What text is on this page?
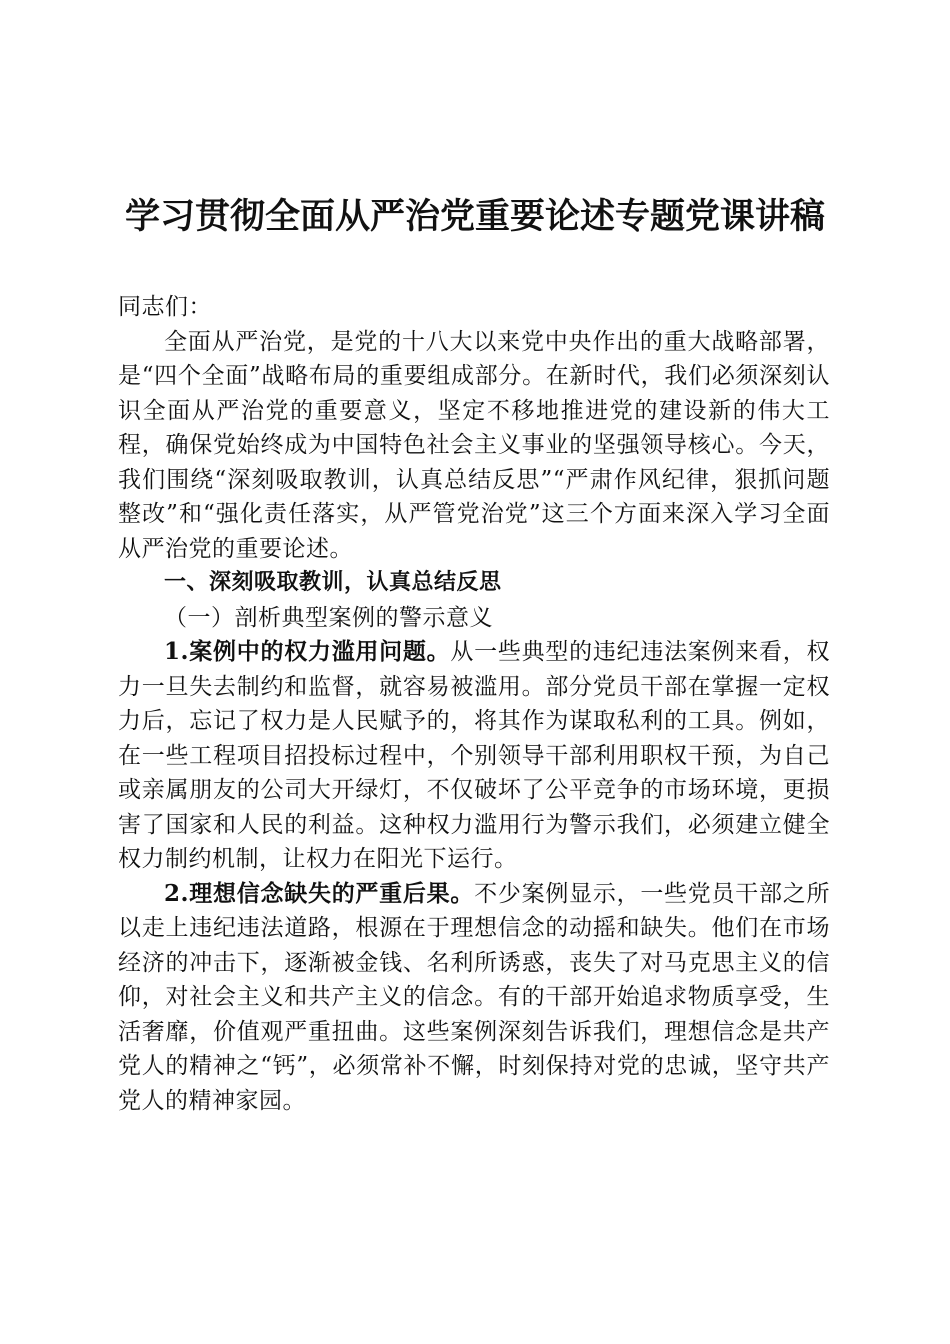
学习贯彻全面从严治党重要论述专题党课讲稿

同志们：

全面从严治党，是党的十八大以来党中央作出的重大战略部署，是“四个全面”战略布局的重要组成部分。在新时代，我们必须深刻认识全面从严治党的重要意义，坚定不移地推进党的建设新的伟大工程，确保党始终成为中国特色社会主义事业的坚强领导核心。今天，我们围绕“深刻吸取教训，认真总结反思”“严肃作风纪律，狠抓问题整改”和“强化责任落实，从严管党治党”这三个方面来深入学习全面从严治党的重要论述。

一、深刻吸取教训，认真总结反思

（一）剖析典型案例的警示意义

1.案例中的权力滥用问题。从一些典型的违纪违法案例来看，权力一旦失去制约和监督，就容易被滥用。部分党员干部在掌握一定权力后，忘记了权力是人民赋予的，将其作为谋取私利的工具。例如，在一些工程项目招投标过程中，个别领导干部利用职权干预，为自己或亲属朋友的公司大开绿灯，不仅破坏了公平竞争的市场环境，更损害了国家和人民的利益。这种权力滥用行为警示我们，必须建立健全权力制约机制，让权力在阳光下运行。

2.理想信念缺失的严重后果。不少案例显示，一些党员干部之所以走上违纪违法道路，根源在于理想信念的动摇和缺失。他们在市场经济的冲击下，逐渐被金钱、名利所诱惑，丧失了对马克思主义的信仰，对社会主义和共产主义的信念。有的干部开始追求物质享受，生活奢靡，价值观严重扭曲。这些案例深刻告诉我们，理想信念是共产党人的精神之“钙”，必须常补不懈，时刻保持对党的忠诚，坚守共产党人的精神家园。
